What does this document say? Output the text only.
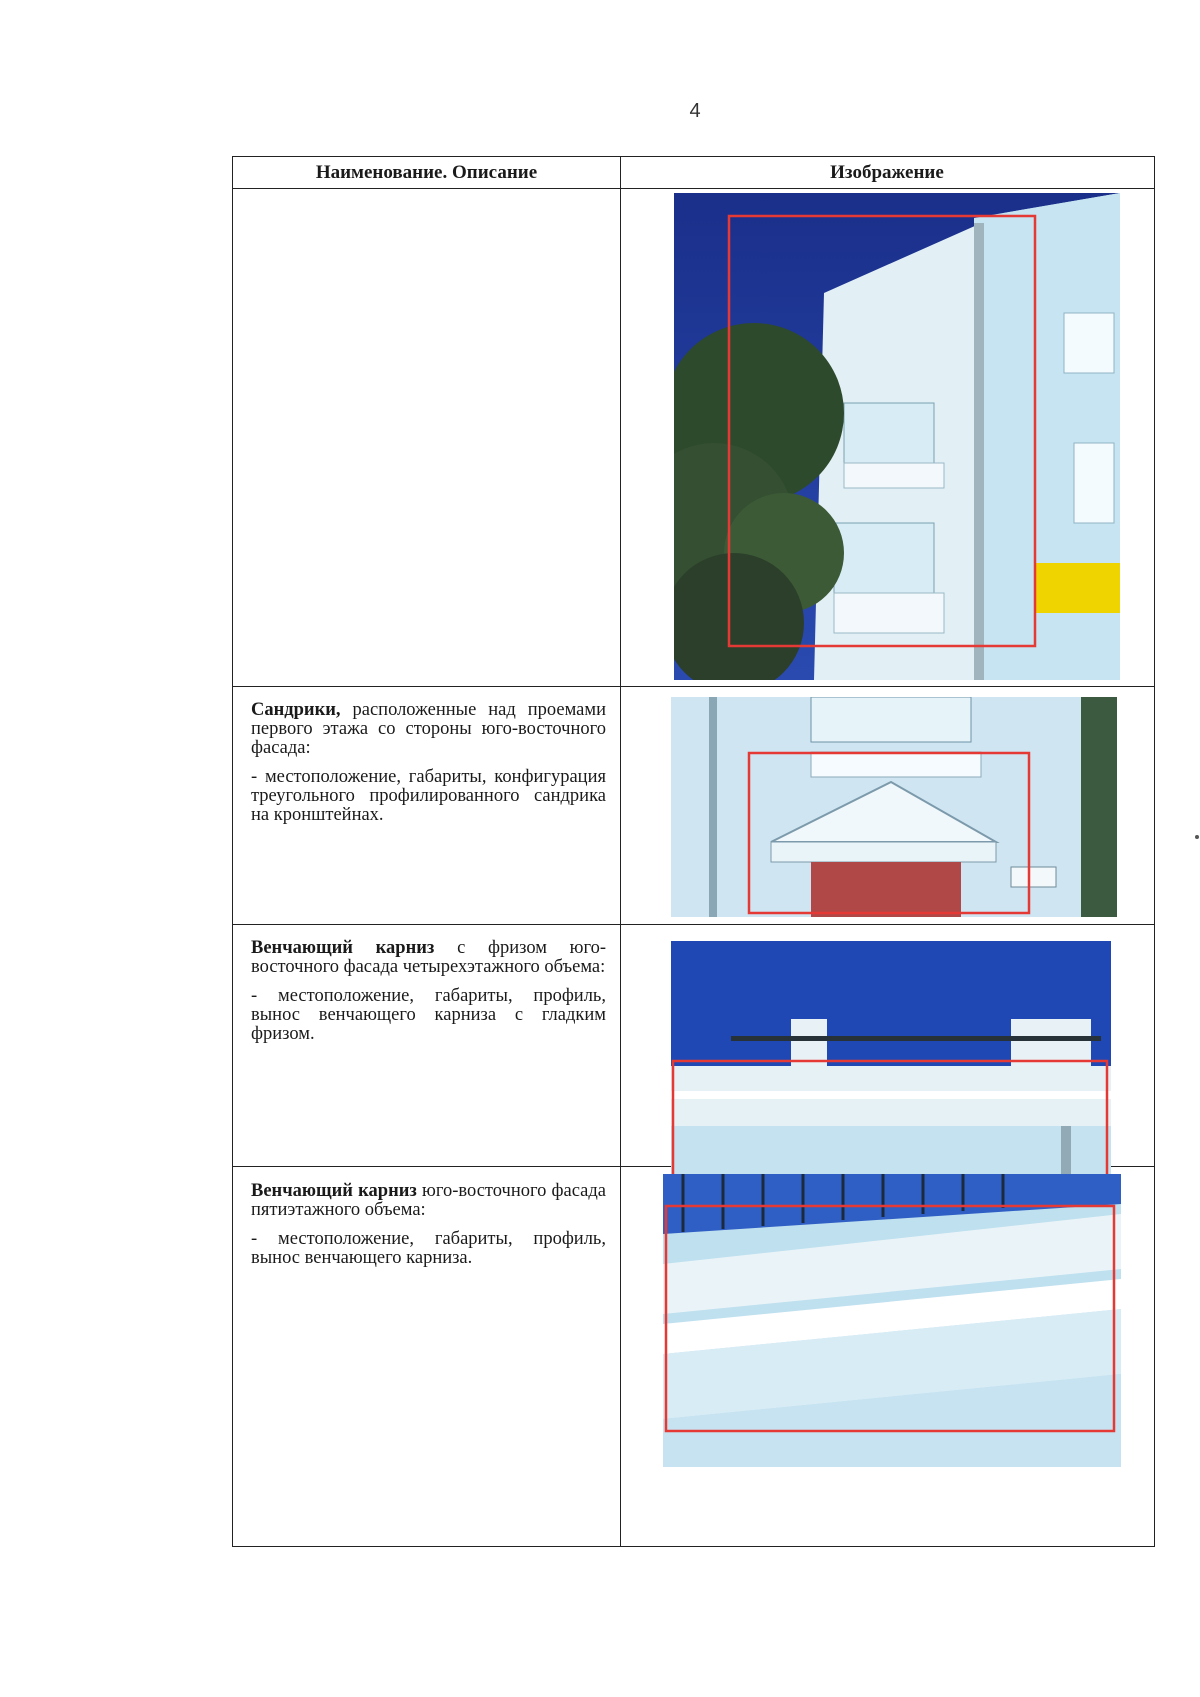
4
Наименование. Описание	Изображение

Сандрики, расположенные над проемами первого этажа со стороны юго-восточного фасада:

- местоположение, габариты, конфигурация треугольного профилированного сандрика на кронштейнах.

Венчающий карниз с фризом юго-восточного фасада четырехэтажного объема:

- местоположение, габариты, профиль, вынос венчающего карниза с гладким фризом.

Венчающий карниз юго-восточного фасада пятиэтажного объема:

- местоположение, габариты, профиль, вынос венчающего карниза.
